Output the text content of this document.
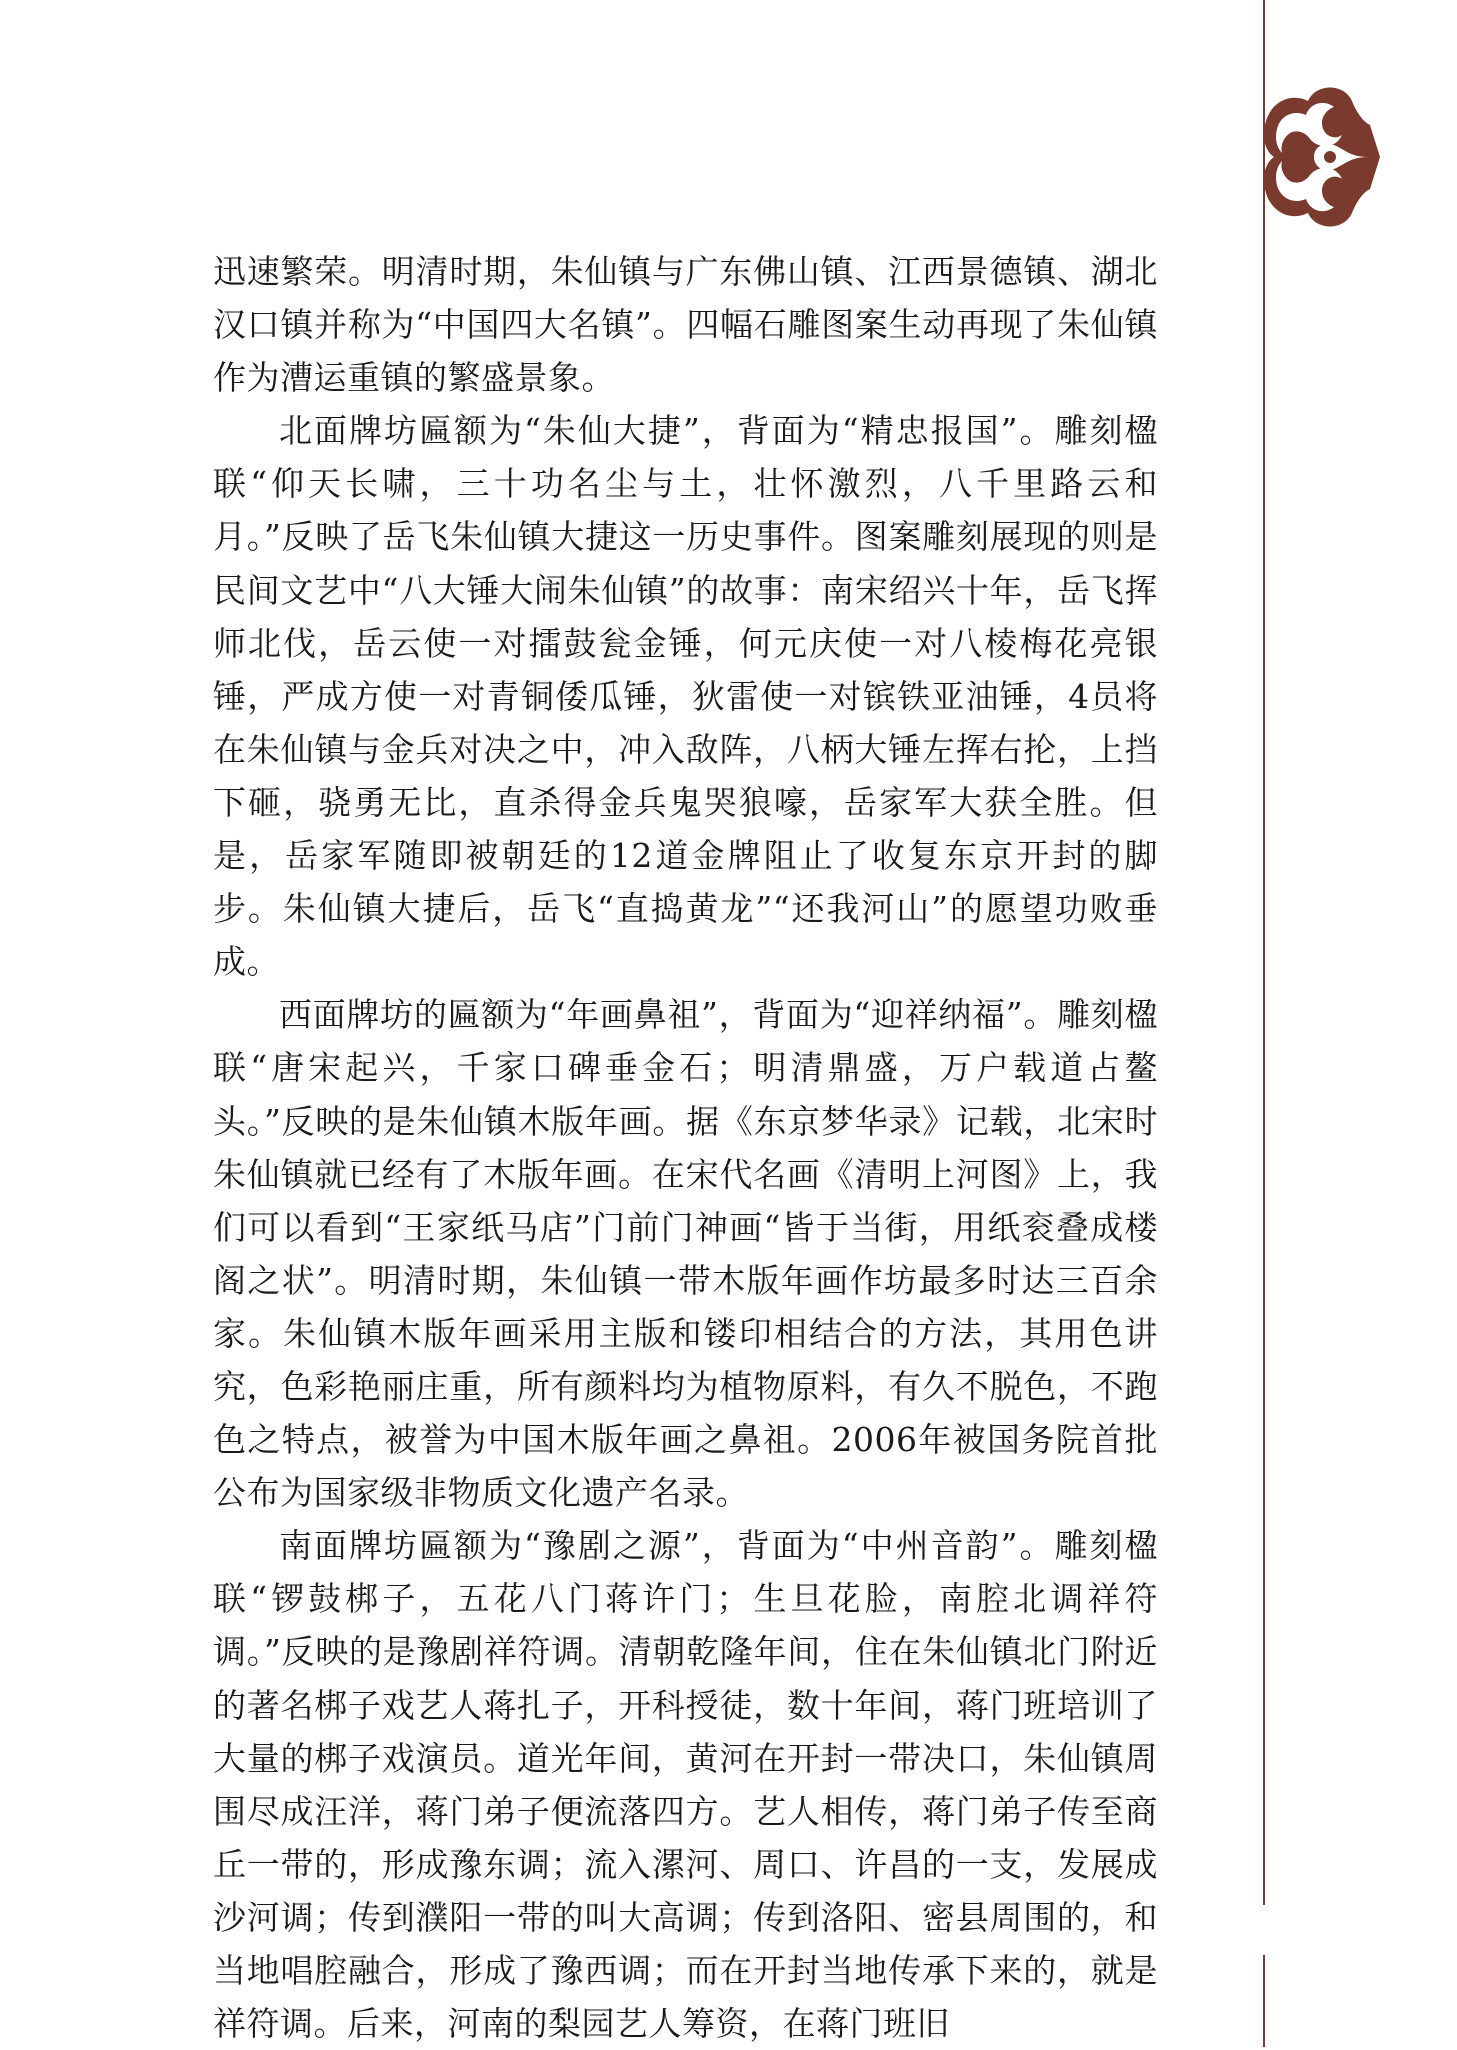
迅速繁荣。明清时期，朱仙镇与广东佛山镇、江西景德镇、湖北汉口镇并称为“中国四大名镇”。四幅石雕图案生动再现了朱仙镇作为漕运重镇的繁盛景象。

北面牌坊匾额为“朱仙大捷”，背面为“精忠报国”。雕刻楹联“仰天长啸，三十功名尘与土，壮怀激烈，八千里路云和月。”反映了岳飞朱仙镇大捷这一历史事件。图案雕刻展现的则是民间文艺中“八大锤大闹朱仙镇”的故事：南宋绍兴十年，岳飞挥师北伐，岳云使一对擂鼓瓮金锤，何元庆使一对八棱梅花亮银锤，严成方使一对青铜倭瓜锤，狄雷使一对镔铁亚油锤，4员将在朱仙镇与金兵对决之中，冲入敌阵，八柄大锤左挥右抡，上挡下砸，骁勇无比，直杀得金兵鬼哭狼嚎，岳家军大获全胜。但是，岳家军随即被朝廷的12道金牌阻止了收复东京开封的脚步。朱仙镇大捷后，岳飞“直捣黄龙”“还我河山”的愿望功败垂成。

西面牌坊的匾额为“年画鼻祖”，背面为“迎祥纳福”。雕刻楹联“唐宋起兴，千家口碑垂金石；明清鼎盛，万户载道占鳌头。”反映的是朱仙镇木版年画。据《东京梦华录》记载，北宋时朱仙镇就已经有了木版年画。在宋代名画《清明上河图》上，我们可以看到“王家纸马店”门前门神画“皆于当街，用纸衮叠成楼阁之状”。明清时期，朱仙镇一带木版年画作坊最多时达三百余家。朱仙镇木版年画采用主版和镂印相结合的方法，其用色讲究，色彩艳丽庄重，所有颜料均为植物原料，有久不脱色，不跑色之特点，被誉为中国木版年画之鼻祖。2006年被国务院首批公布为国家级非物质文化遗产名录。

南面牌坊匾额为“豫剧之源”，背面为“中州音韵”。雕刻楹联“锣鼓梆子，五花八门蒋许门；生旦花脸，南腔北调祥符调。”反映的是豫剧祥符调。清朝乾隆年间，住在朱仙镇北门附近的著名梆子戏艺人蒋扎子，开科授徒，数十年间，蒋门班培训了大量的梆子戏演员。道光年间，黄河在开封一带决口，朱仙镇周围尽成汪洋，蒋门弟子便流落四方。艺人相传，蒋门弟子传至商丘一带的，形成豫东调；流入漯河、周口、许昌的一支，发展成沙河调；传到濮阳一带的叫大高调；传到洛阳、密县周围的，和当地唱腔融合，形成了豫西调；而在开封当地传承下来的，就是祥符调。后来，河南的梨园艺人筹资，在蒋门班旧
